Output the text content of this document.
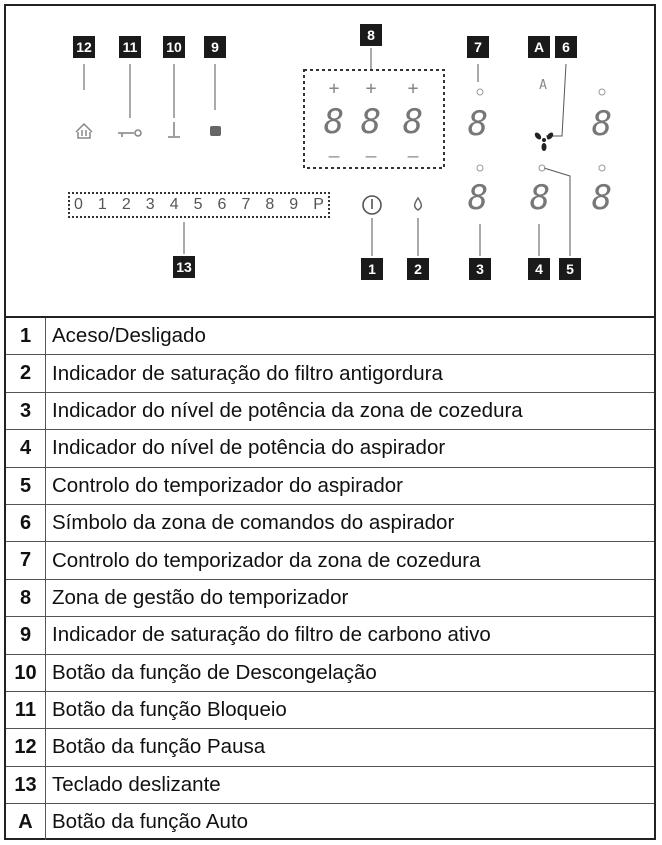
12 11 10	9
8
7	A	6
13	1	2	3	4	5
+ + +
8 8 8
– – –
8	8
8 8 8
A
0 1 2 3 4 5 6 7 8 9 P
1	Aceso/Desligado
2	Indicador de saturação do filtro antigordura
3	Indicador do nível de potência da zona de cozedura
4	Indicador do nível de potência do aspirador
5	Controlo do temporizador do aspirador
6	Símbolo da zona de comandos do aspirador
7	Controlo do temporizador da zona de cozedura
8	Zona de gestão do temporizador
9	Indicador de saturação do filtro de carbono ativo
10 Botão da função de Descongelação
11 Botão da função Bloqueio
12 Botão da função Pausa
13 Teclado deslizante
A Botão da função Auto
